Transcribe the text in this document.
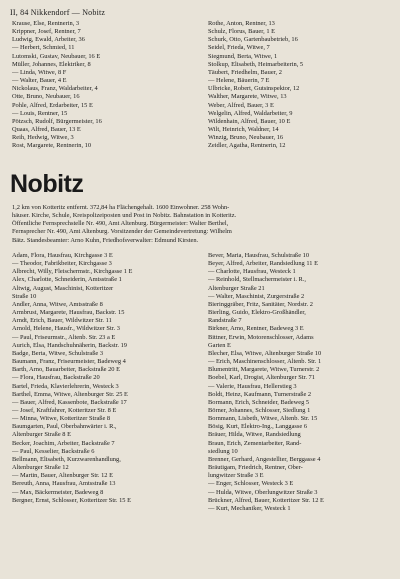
II, 84 Nikkendorf — Nobitz
Krause, Else, Rentnerin, 3
Krippner, Josef, Rentner, 7
Ludwig, Ewald, Arbeiter, 36
— Herbert, Schmied, 11
Lutomski, Gustav, Neubauer, 16 E
Müller, Johannes, Elektriker, 8
— Linda, Witwe, 8 F
— Walter, Bauer, 4 E
Nickolaus, Franz, Waldarbeiter, 4
Otte, Bruno, Neubauer, 16
Pohle, Alfred, Erdarbeiter, 15 E
— Louis, Rentner, 15
Pötzsch, Rudolf, Bürgermeister, 16
Quaas, Alfred, Bauer, 13 E
Reih, Hedwig, Witwe, 3
Rost, Margarete, Rentnerin, 10
Rothe, Anton, Rentner, 13
Schulz, Florus, Bauer, 1 E
Schurk, Otto, Gartenbaubetrieb, 16
Seidel, Frieda, Witwe, 7
Siegmund, Berta, Witwe, 1
Stolkup, Elisabeth, Heimarbeiterin, 5
Täubert, Friedhelm, Bauer, 2
— Helene, Bäuerin, 7 E
Ulbricke, Robert, Gutsinspektor, 12
Walther, Margarete, Witwe, 13
Weber, Alfred, Bauer, 3 E
Welgelin, Alfred, Waldarbeiter, 9
Wildenhain, Alfred, Bauer, 10 E
Wilt, Heinrich, Waldner, 14
Winzig, Bruno, Neubauer, 16
Zeidler, Agatha, Rentnerin, 12
Nobitz
1,2 km von Kotteritz entfernt. 372,84 ha Flächengehalt. 1600 Einwohner. 258 Wohn-
häuser. Kirche, Schule, Kreispolizeiposten und Post in Nobitz. Bahnstation in Kotteritz.
Öffentliche Fernsprechstelle Nr. 490, Amt Altenburg. Bürgermeister: Walter Berthel,
Fernsprecher Nr. 490, Amt Altenburg. Vorsitzender der Gemeindevertretung: Wilhelm
Bätz. Standesbeamter: Arno Kuhn, Friedhofsverwalter: Edmund Kirsten.
Adam, Flora, Hausfrau, Kirchgasse 3 E
— Theodor, Fabrikbeiter, Kirchgasse 3
Albrecht, Willy, Fleischermstr., Kirchgasse 1 E
Alex, Charlotte, Schneiderin, Amtsstraße 1
Altwig, August, Maschinist, Kotteritzer
Straße 10
Andler, Anna, Witwe, Amtsstraße 8
Armbrust, Margarete, Hausfrau, Backstr. 15
Arndt, Erich, Bauer, Wildwitzer Str. 11
Arnold, Helene, Hausfr., Wildwitzer Str. 3
— Paul, Friseurmstr., Altenb. Str. 23 a E
Aurich, Elsa, Handschuhnäherin, Backstr. 19
Badge, Berta, Witwe, Schulstraße 3
Baumann, Franz, Friseurmeister, Badeweg 4
Barth, Arno, Bauarbeiter, Backstraße 20 E
— Flora, Hausfrau, Backstraße 20
Bartel, Frieda, Klavierlehrerin, Westeck 3
Barthel, Emma, Witwe, Altenburger Str. 25 E
— Bauer, Alfred, Kassenbote, Backstraße 17
— Josef, Kraftfahrer, Kotteritzer Str. 8 E
— Minna, Witwe, Kotteritzer Straße 8
Baumgarten, Paul, Oberbahnwärter i. R.,
Altenburger Straße 8 E
Becker, Joachim, Arbeiter, Backstraße 7
— Paul, Kesselier, Backstraße 6
Bellmann, Elisabeth, Kurzwarenhandlung,
Altenburger Straße 12
— Martin, Bauer, Altenburger Str. 12 E
Bereuth, Anna, Hausfrau, Amtsstraße 13
— Max, Bäckermeister, Badeweg 8
Bergner, Ernst, Schlosser, Kotteritzer Str. 15 E
Bever, Maria, Hausfrau, Schulstraße 10
Beyer, Alfred, Arbeiter, Randsiedlung 11 E
— Charlotte, Hausfrau, Westeck 1
— Reinhold, Stellmachermeister i. R.,
Altenburger Straße 21
— Walter, Maschinist, Zurgerstraße 2
Bieringgräber, Fritz, Sanitäter, Nordstr. 2
Bierling, Guido, Elektro-Großhändler,
Randstraße 7
Birkner, Arno, Rentner, Badeweg 3 E
Bittner, Erwin, Motorenschlosser, Adams
Garten E
Blecher, Elsa, Witwe, Altenburger Straße 10
— Erich, Maschinenschlosser, Altenb. Str. 1
Blumentritt, Margarete, Witwe, Turnerstr. 2
Boebel, Karl, Drogist, Altenburger Str. 71
— Valerie, Hausfrau, Hellerstieg 3
Boldt, Heinz, Kaufmann, Turnerstraße 2
Bormann, Erich, Schneider, Badeweg 5
Börner, Johannes, Schlosser, Siedlung 1
Bornmann, Lisbeth, Witwe, Altenb. Str. 15
Bösig, Kurt, Elektro-Ing., Langgasse 6
Bräuer, Hilda, Witwe, Randsiedlung
Braun, Erich, Zementarbeiter, Rand-
siedlung 10
Brenner, Gerhard, Angestellter, Berggasse 4
Bräutigam, Friedrich, Rentner, Ober-
lungwitzer Straße 3 E
— Enger, Schlosser, Westeck 3 E
— Hulda, Witwe, Oberlungwitzer Straße 3
Brückner, Alfred, Bauer, Kotteritzer Str. 12 E
— Kurt, Mechaniker, Westeck 1
